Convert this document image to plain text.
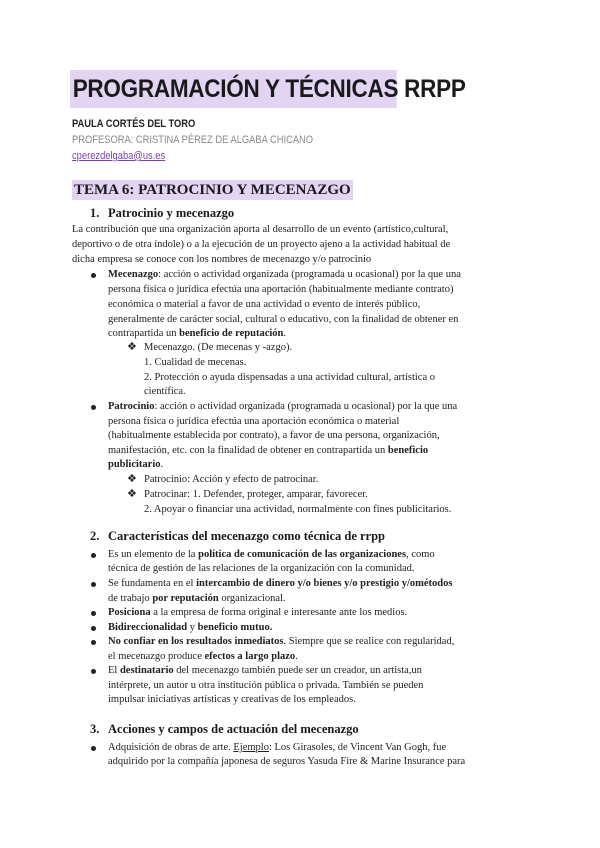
PROGRAMACIÓN Y TÉCNICAS RRPP
PAULA CORTÉS DEL TORO
PROFESORA: CRISTINA PÉREZ DE ALGABA CHICANO
cperezdelgaba@us.es
TEMA 6: PATROCINIO Y MECENAZGO
1. Patrocinio y mecenazgo
La contribución que una organización aporta al desarrollo de un evento (artístico,cultural,
deportivo o de otra índole) o a la ejecución de un proyecto ajeno a la actividad habitual de
dicha empresa se conoce con los nombres de mecenazgo y/o patrocinio
Mecenazgo: acción o actividad organizada (programada u ocasional) por la que una
persona física o jurídica efectúa una aportación (habitualmente mediante contrato)
económica o material a favor de una actividad o evento de interés público,
generalmente de carácter social, cultural o educativo, con la finalidad de obtener en
contrapartida un beneficio de reputación.
❖ Mecenazgo. (De mecenas y -azgo).
1. Cualidad de mecenas.
2. Protección o ayuda dispensadas a una actividad cultural, artística o
científica.
Patrocinio: acción o actividad organizada (programada u ocasional) por la que una
persona física o jurídica efectúa una aportación económica o material
(habitualmente establecida por contrato), a favor de una persona, organización,
manifestación, etc. con la finalidad de obtener en contrapartida un beneficio
publicitario.
❖ Patrocinio: Acción y efecto de patrocinar.
❖ Patrocinar: 1. Defender, proteger, amparar, favorecer.
2. Apoyar o financiar una actividad, normalmente con fines publicitarios.
2. Características del mecenazgo como técnica de rrpp
Es un elemento de la política de comunicación de las organizaciones, como
técnica de gestión de las relaciones de la organización con la comunidad.
Se fundamenta en el intercambio de dinero y/o bienes y/o prestigio y/ométodos
de trabajo por reputación organizacional.
Posiciona a la empresa de forma original e interesante ante los medios.
Bidireccionalidad y beneficio mutuo.
No confiar en los resultados inmediatos. Siempre que se realice con regularidad,
el mecenazgo produce efectos a largo plazo.
El destinatario del mecenazgo también puede ser un creador, un artista,un
intérprete, un autor u otra institución pública o privada. También se pueden
impulsar iniciativas artísticas y creativas de los empleados.
3. Acciones y campos de actuación del mecenazgo
Adquisición de obras de arte. Ejemplo: Los Girasoles, de Vincent Van Gogh, fue
adquirido por la compañía japonesa de seguros Yasuda Fire & Marine Insurance para
